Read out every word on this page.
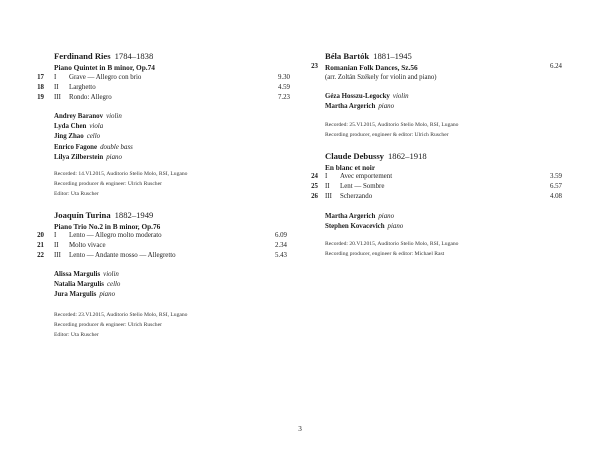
Ferdinand Ries 1784–1838
Piano Quintet in B minor, Op.74
17 I Grave — Allegro con brio	9.30
18 II Larghetto	4.59
19 III Rondo: Allegro	7.23
Andrey Baranov violin
Lyda Chen viola
Jing Zhao cello
Enrico Fagone double bass
Lilya Zilberstein piano
Recorded: 14.VI.2015, Auditorio Stelio Molo, RSI, Lugano
Recording producer & engineer: Ulrich Ruscher
Editor: Uta Ruscher
Joaquín Turina 1882–1949
Piano Trio No.2 in B minor, Op.76
20 I Lento — Allegro molto moderato	6.09
21 II Molto vivace	2.34
22 III Lento — Andante mosso — Allegretto	5.43
Alissa Margulis violin
Natalia Margulis cello
Jura Margulis piano
Recorded: 23.VI.2015, Auditorio Stelio Molo, RSI, Lugano
Recording producer & engineer: Ulrich Ruscher
Editor: Uta Ruscher
Béla Bartók 1881–1945
23 Romanian Folk Dances, Sz.56	6.24
(arr. Zoltán Székely for violin and piano)
Géza Hosszu-Legocky violin
Martha Argerich piano
Recorded: 25.VI.2015, Auditorio Stelio Molo, RSI, Lugano
Recording producer, engineer & editor: Ulrich Ruscher
Claude Debussy 1862–1918
En blanc et noir
24 I Avec emportement	3.59
25 II Lent — Sombre	6.57
26 III Scherzando	4.08
Martha Argerich piano
Stephen Kovacevich piano
Recorded: 20.VI.2015, Auditorio Stelio Molo, RSI, Lugano
Recording producer, engineer & editor: Michael Rast
3
